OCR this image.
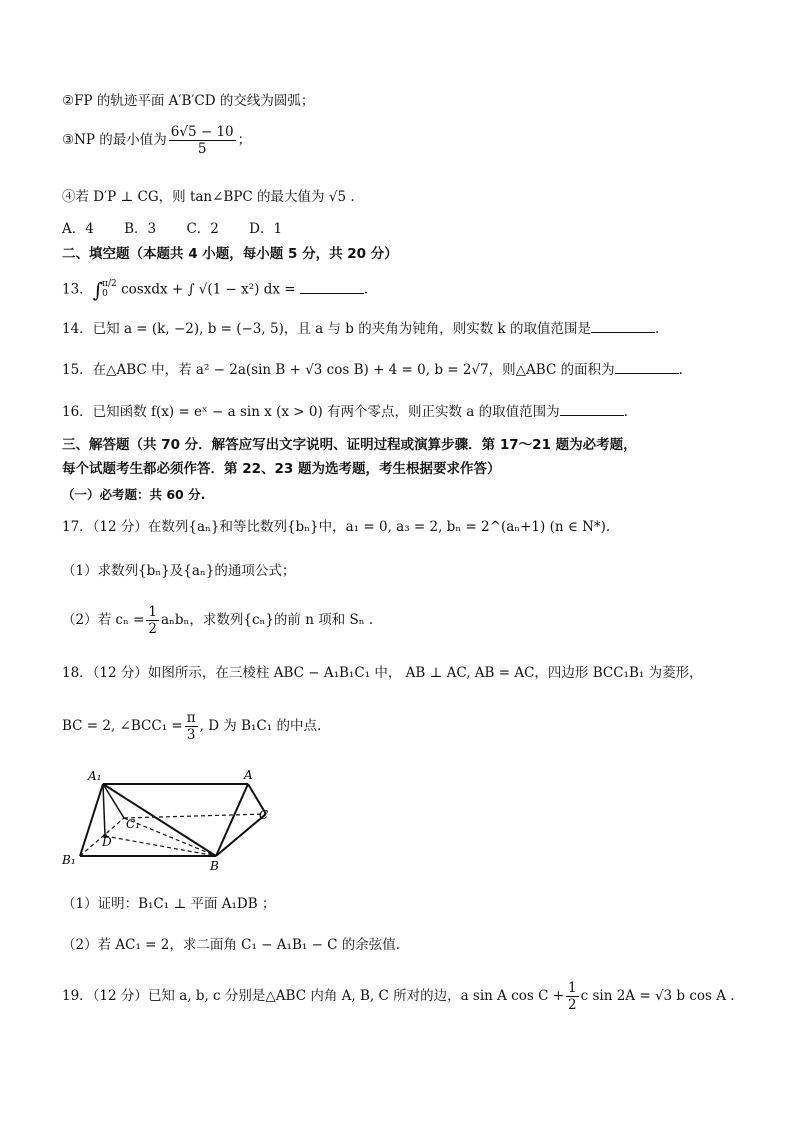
②FP 的轨迹平面 A′B′CD 的交线为圆弧；
③NP 的最小值为 $\frac{6√5 - 10}{5}$ ；
④若 D′P ⊥ CG，则 tan∠BPC 的最大值为 √5 .
A．4 B．3 C．2 D．1
二、填空题（本题共 4 小题，每小题 5 分，共 20 分）
13．∫π/2
0 cosxdx + ∫ √(1 − x²) dx =	.
14．已知 a = (k, −2), b = (−3, 5)，且 a 与 b 的夹角为钝角，则实数 k 的取值范围是	.
15．在△ABC 中，若 a² − 2a(sin B + √3 cos B) + 4 = 0, b = 2√7，则△ABC 的面积为	.
16．已知函数 f(x) = eˣ − a sin x (x > 0) 有两个零点，则正实数 a 的取值范围为	.
三、解答题（共 70 分．解答应写出文字说明、证明过程或演算步骤．第 17～21 题为必考题，
每个试题考生都必须作答．第 22、23 题为选考题，考生根据要求作答）
（一）必考题：共 60 分.
17．（12 分）在数列{aₙ}和等比数列{bₙ}中，a₁ = 0, a₃ = 2, bₙ = 2^(aₙ+1) (n ∈ N*).
（1）求数列{bₙ}及{aₙ}的通项公式；
（2）若 $c_n = \frac{1}{2}$ aₙbₙ，求数列{cₙ}的前 n 项和 Sₙ .
18．（12 分）如图所示，在三棱柱 ABC − A₁B₁C₁ 中， AB ⊥ AC, AB = AC，四边形 BCC₁B₁ 为菱形，
BC = 2, ∠BCC₁ = $\frac{\pi}{3}$ , D 为 B₁C₁ 的中点.
A₁	A
C₁
C
D
B₁	B
（1）证明：B₁C₁ ⊥ 平面 A₁DB ；
（2）若 AC₁ = 2，求二面角 C₁ − A₁B₁ − C 的余弦值.
19．（12 分）已知 a, b, c 分别是△ABC 内角 A, B, C 所对的边，a sin A $\cos C + \frac{1}{2}$ c sin 2A = √3 b cos A .
